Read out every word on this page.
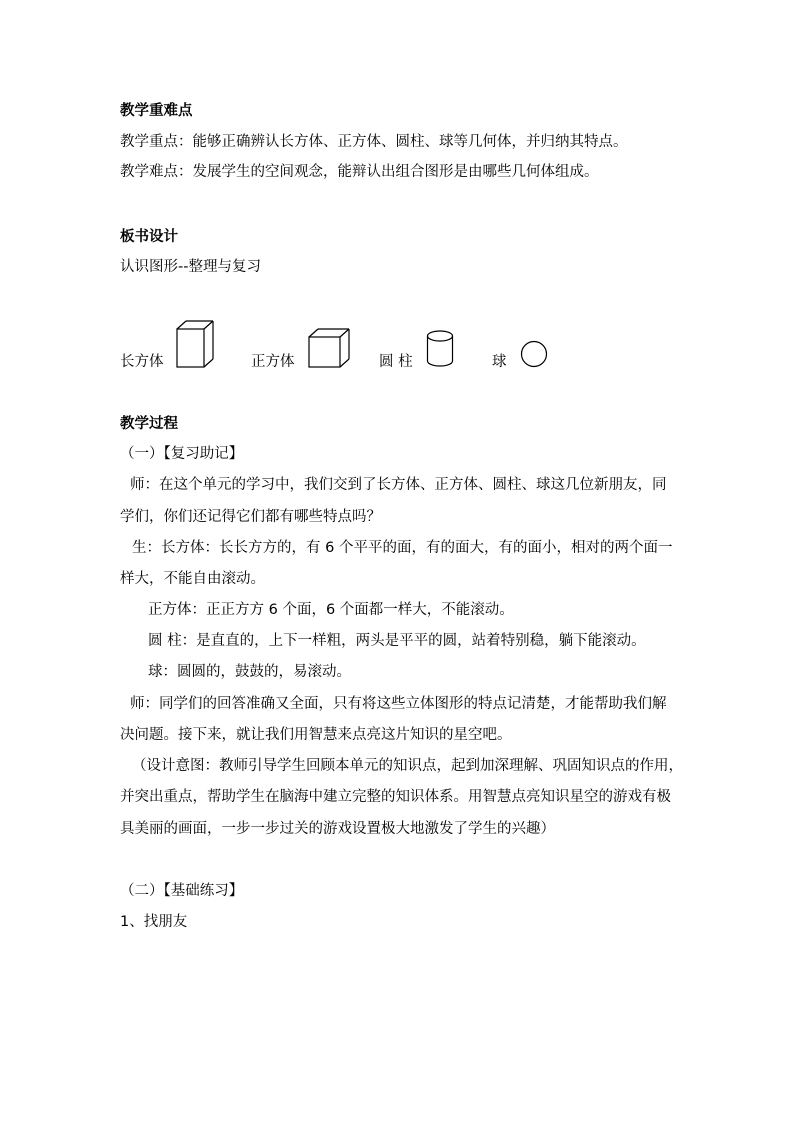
教学重难点
教学重点：能够正确辨认长方体、正方体、圆柱、球等几何体，并归纳其特点。
教学难点：发展学生的空间观念，能辩认出组合图形是由哪些几何体组成。
板书设计
认识图形--整理与复习
长方体	正方体	圆 柱	球
教学过程
（一）【复习助记】
师：在这个单元的学习中，我们交到了长方体、正方体、圆柱、球这几位新朋友，同
学们，你们还记得它们都有哪些特点吗？
生：长方体：长长方方的，有 6 个平平的面，有的面大，有的面小，相对的两个面一
样大，不能自由滚动。
正方体：正正方方 6 个面，6 个面都一样大，不能滚动。
圆 柱：是直直的，上下一样粗，两头是平平的圆，站着特别稳，躺下能滚动。
球：圆圆的，鼓鼓的，易滚动。
师：同学们的回答准确又全面，只有将这些立体图形的特点记清楚，才能帮助我们解
决问题。接下来，就让我们用智慧来点亮这片知识的星空吧。
（设计意图：教师引导学生回顾本单元的知识点，起到加深理解、巩固知识点的作用，
并突出重点，帮助学生在脑海中建立完整的知识体系。用智慧点亮知识星空的游戏有极
具美丽的画面，一步一步过关的游戏设置极大地激发了学生的兴趣）
（二）【基础练习】
1、找朋友
